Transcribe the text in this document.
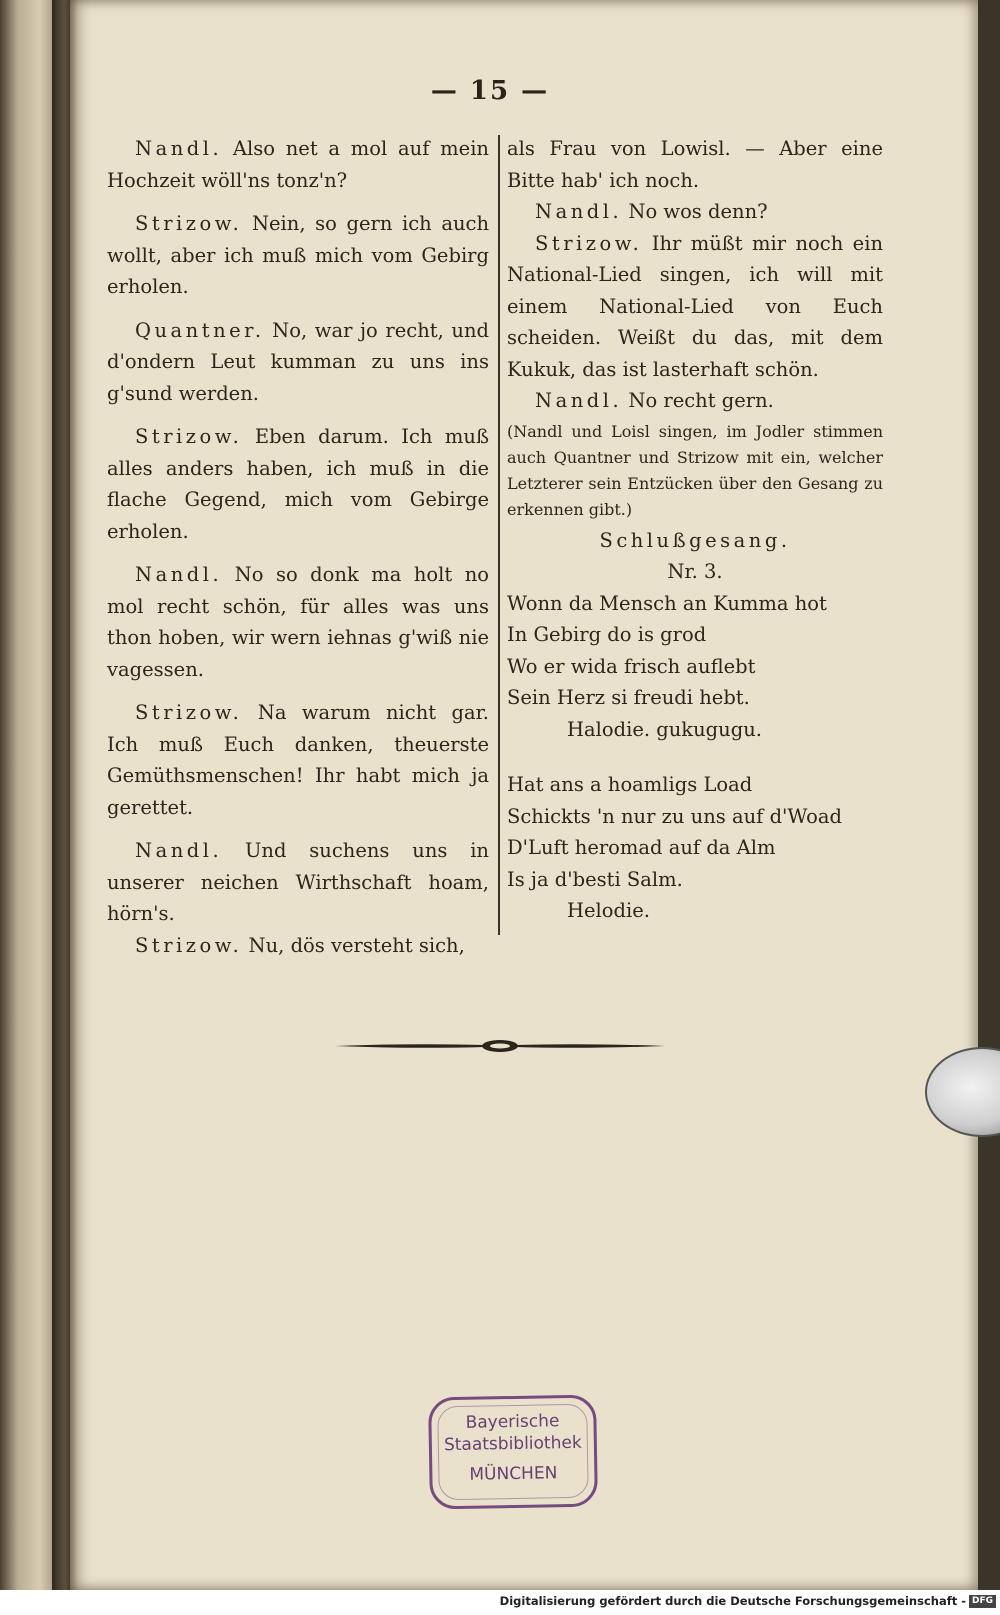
— 15 —

Nandl. Also net a mol auf mein Hochzeit wöll'ns tonz'n?

Strizow. Nein, so gern ich auch wollt, aber ich muß mich vom Gebirg erholen.

Quantner. No, war jo recht, und d'ondern Leut kumman zu uns ins g'sund werden.

Strizow. Eben darum. Ich muß alles anders haben, ich muß in die flache Gegend, mich vom Gebirge erholen.

Nandl. No so donk ma holt no mol recht schön, für alles was uns thon hoben, wir wern iehnas g'wiß nie vagessen.

Strizow. Na warum nicht gar. Ich muß Euch danken, theuerste Gemüthsmenschen! Ihr habt mich ja gerettet.

Nandl. Und suchens uns in unserer neichen Wirthschaft hoam, hörn's.

Strizow. Nu, dös versteht sich,

als Frau von Lowisl. — Aber eine Bitte hab' ich noch.

Nandl. No wos denn?

Strizow. Ihr müßt mir noch ein National-Lied singen, ich will mit einem National-Lied von Euch scheiden. Weißt du das, mit dem Kukuk, das ist lasterhaft schön.

Nandl. No recht gern.

(Nandl und Loisl singen, im Jodler stimmen auch Quantner und Strizow mit ein, welcher Letzterer sein Entzücken über den Gesang zu erkennen gibt.)

Schlußgesang.

Nr. 3.

Wonn da Mensch an Kumma hot

In Gebirg do is grod

Wo er wida frisch auflebt

Sein Herz si freudi hebt.

Halodie. gukugugu.

Hat ans a hoamligs Load

Schickts 'n nur zu uns auf d'Woad

D'Luft heromad auf da Alm

Is ja d'besti Salm.

Helodie.

Bayerische
Staatsbibliothek
MÜNCHEN
Digitalisierung gefördert durch die Deutsche Forschungsgemeinschaft - DFG
